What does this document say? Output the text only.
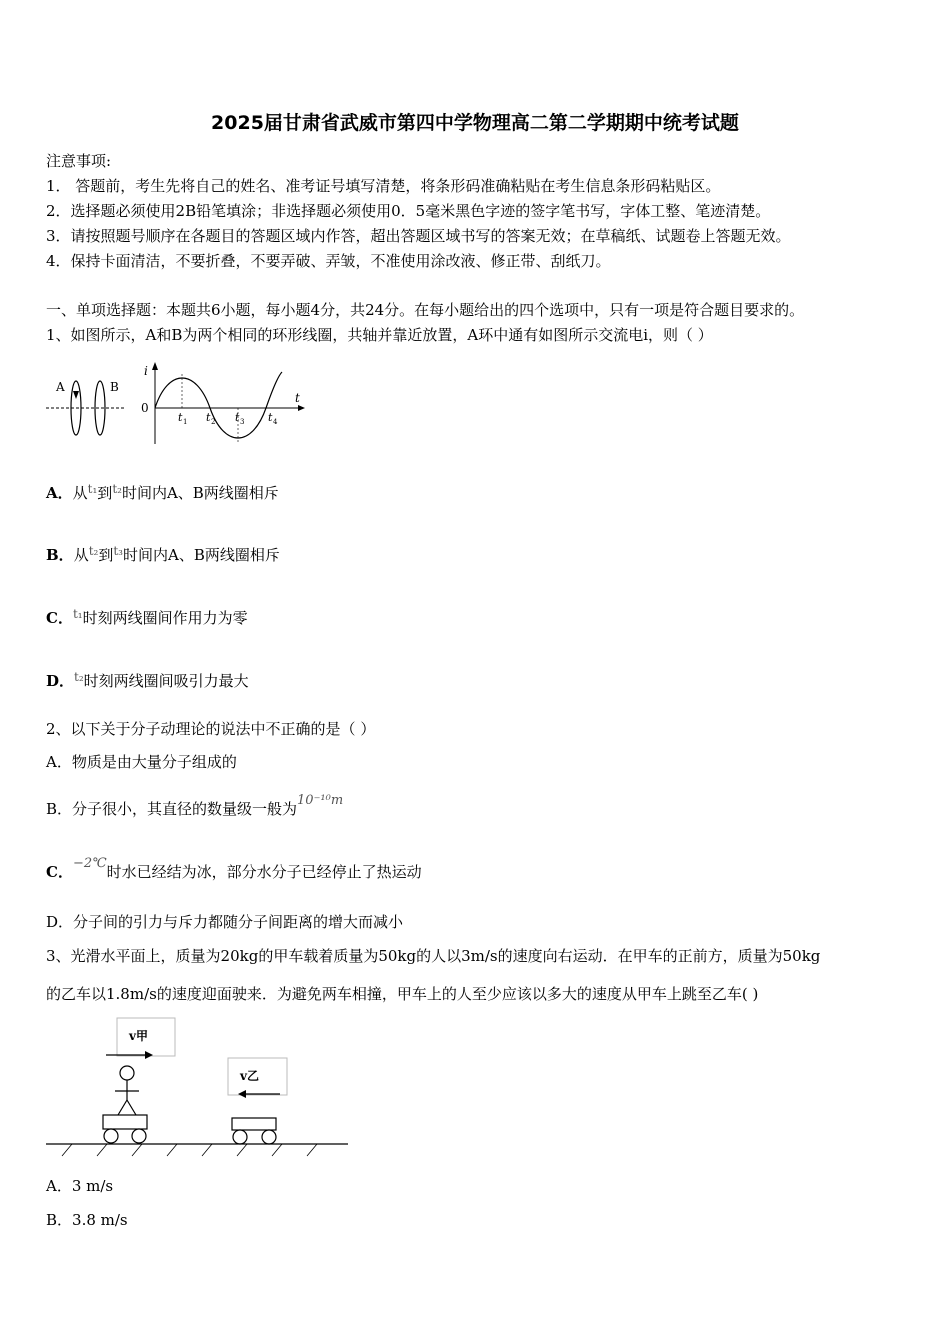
2025届甘肃省武威市第四中学物理高二第二学期期中统考试题
注意事项:
1． 答题前，考生先将自己的姓名、准考证号填写清楚，将条形码准确粘贴在考生信息条形码粘贴区。
2．选择题必须使用2B铅笔填涂；非选择题必须使用0．5毫米黑色字迹的签字笔书写，字体工整、笔迹清楚。
3．请按照题号顺序在各题目的答题区域内作答，超出答题区域书写的答案无效；在草稿纸、试题卷上答题无效。
4．保持卡面清洁，不要折叠，不要弄破、弄皱，不准使用涂改液、修正带、刮纸刀。
一、单项选择题：本题共6小题，每小题4分，共24分。在每小题给出的四个选项中，只有一项是符合题目要求的。
1、如图所示，A和B为两个相同的环形线圈，共轴并靠近放置，A环中通有如图所示交流电i，则（ ）
A	B
i
t
0
t 1 t 2 t 3 t 4
A．从t₁到t₂时间内A、B两线圈相斥
B．从t₂到t₃时间内A、B两线圈相斥
C．t₁时刻两线圈间作用力为零
D．t₂时刻两线圈间吸引力最大
2、以下关于分子动理论的说法中不正确的是（ ）
A．物质是由大量分子组成的
B．分子很小，其直径的数量级一般为10⁻¹⁰m
C．−2℃时水已经结为冰，部分水分子已经停止了热运动
D．分子间的引力与斥力都随分子间距离的增大而减小
3、光滑水平面上，质量为20kg的甲车载着质量为50kg的人以3m/s的速度向右运动．在甲车的正前方，质量为50kg
的乙车以1.8m/s的速度迎面驶来．为避免两车相撞，甲车上的人至少应该以多大的速度从甲车上跳至乙车( )
v甲
v乙
A．3 m/s
B．3.8 m/s
